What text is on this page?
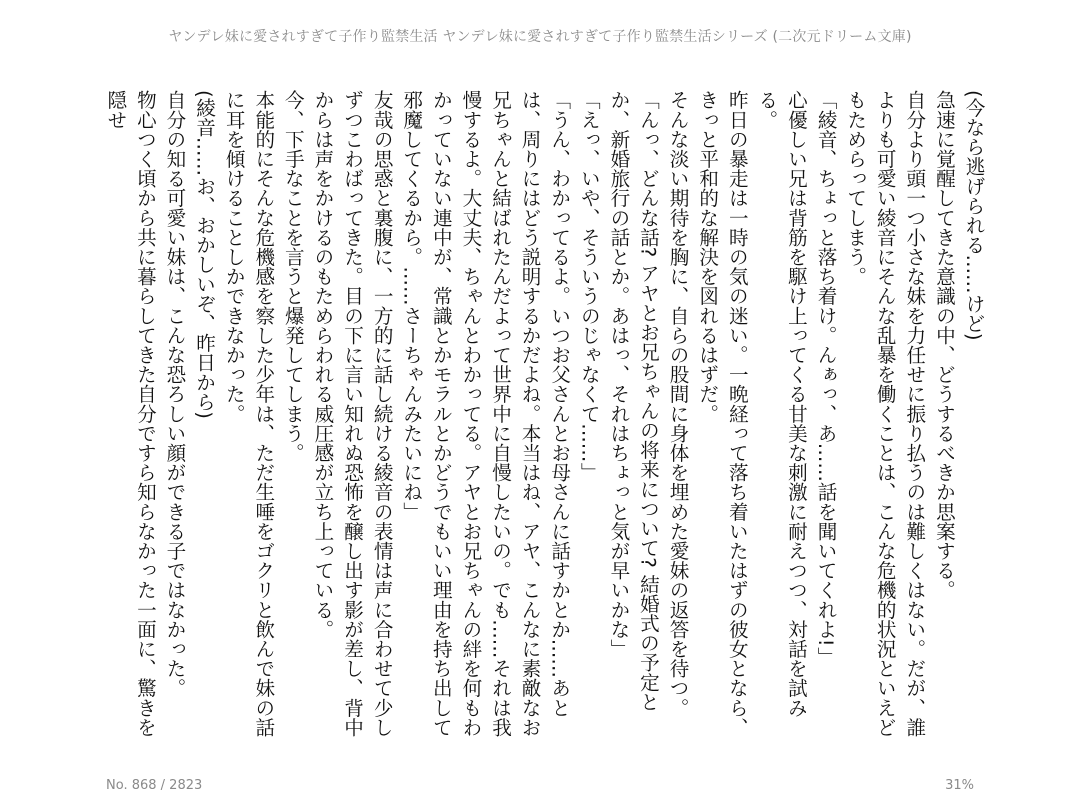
ヤンデレ妹に愛されすぎて子作り監禁生活 ヤンデレ妹に愛されすぎて子作り監禁生活シリーズ (二次元ドリーム文庫)

(今なら逃げられる……けど)

急速に覚醒してきた意識の中、どうするべきか思案する。

自分より頭一つ小さな妹を力任せに振り払うのは難しくはない。だが、誰よりも可愛い綾音にそんな乱暴を働くことは、こんな危機的状況といえどもためらってしまう。

「綾音、ちょっと落ち着け。んぁっ、あ……話を聞いてくれよ!」

心優しい兄は背筋を駆け上ってくる甘美な刺激に耐えつつ、対話を試みる。

昨日の暴走は一時の気の迷い。一晩経って落ち着いたはずの彼女となら、きっと平和的な解決を図れるはずだ。

そんな淡い期待を胸に、自らの股間に身体を埋めた愛妹の返答を待つ。

「んっ、どんな話? アヤとお兄ちゃんの将来について? 結婚式の予定とか、新婚旅行の話とか。あはっ、それはちょっと気が早いかな」

「えっ、いや、そういうのじゃなくて……」

「うん、わかってるよ。いつお父さんとお母さんに話すかとか……あとは、周りにはどう説明するかだよね。本当はね、アヤ、こんなに素敵なお兄ちゃんと結ばれたんだよって世界中に自慢したいの。でも……それは我慢するよ。大丈夫、ちゃんとわかってる。アヤとお兄ちゃんの絆を何もわかっていない連中が、常識とかモラルとかどうでもいい理由を持ち出して邪魔してくるから。……さーちゃんみたいにね」

友哉の思惑と裏腹に、一方的に話し続ける綾音の表情は声に合わせて少しずつこわばってきた。目の下に言い知れぬ恐怖を醸し出す影が差し、背中からは声をかけるのもためらわれる威圧感が立ち上っている。

今、下手なことを言うと爆発してしまう。

本能的にそんな危機感を察した少年は、ただ生唾をゴクリと飲んで妹の話に耳を傾けることしかできなかった。

(綾音……お、おかしいぞ、昨日から)

自分の知る可愛い妹は、こんな恐ろしい顔ができる子ではなかった。

物心つく頃から共に暮らしてきた自分ですら知らなかった一面に、驚きを隠せ

No. 868 / 2823	31%
